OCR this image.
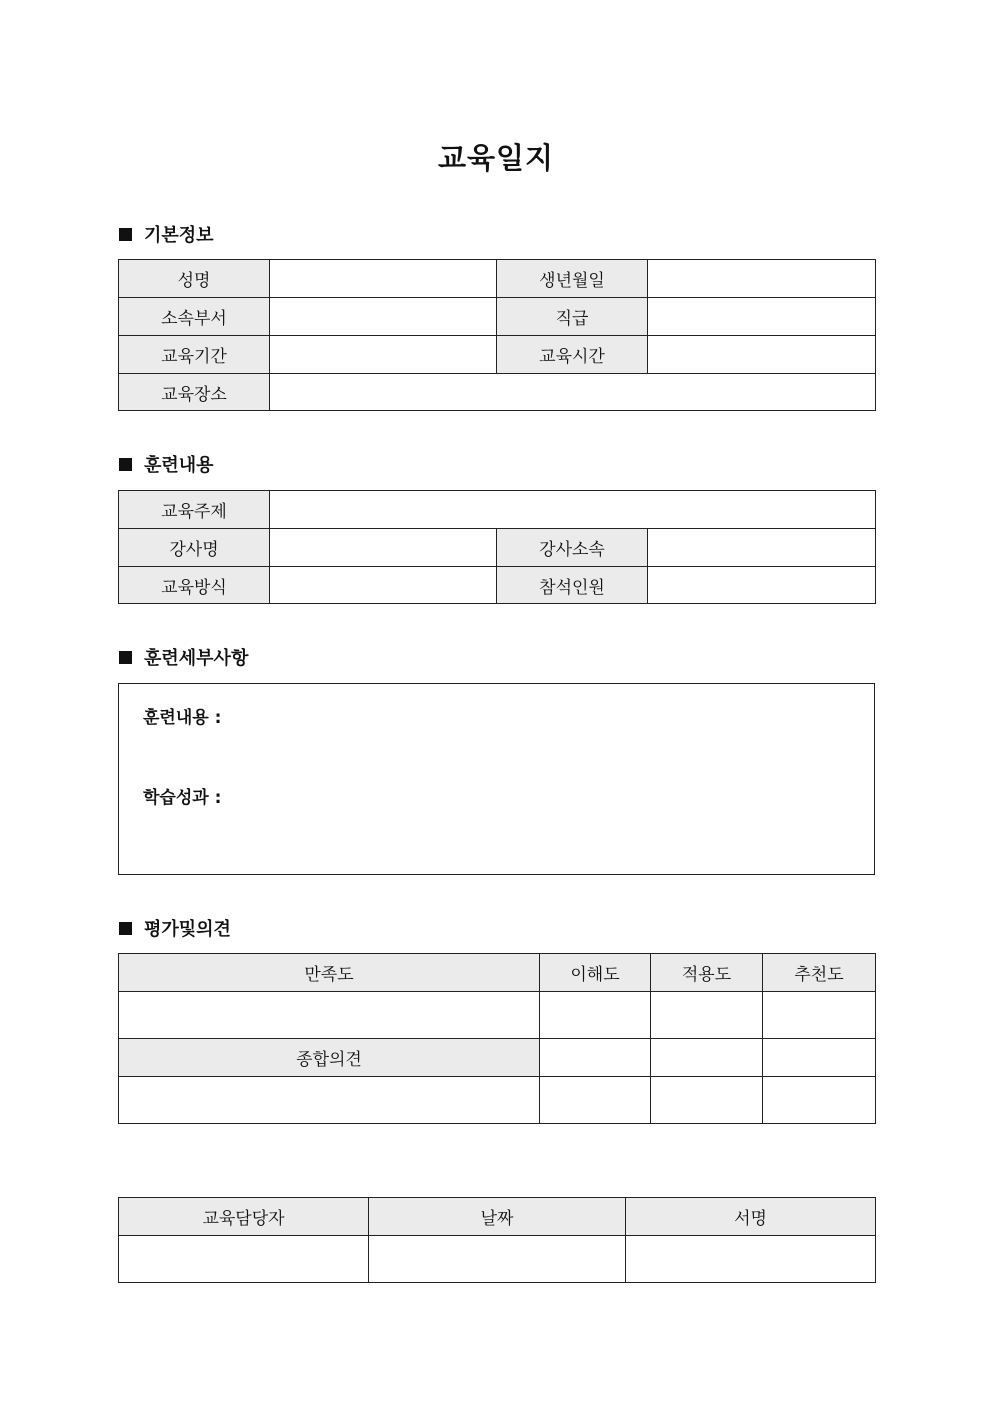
교육일지
기본정보
성명		생년월일	
소속부서		직급	
교육기간		교육시간	
교육장소			
훈련내용
교육주제			
강사명		강사소속	
교육방식		참석인원	
훈련세부사항
훈련내용 :
학습성과 :
평가및의견
만족도	이해도	적용도	추천도

종합의견			

교육담당자	날짜	서명
